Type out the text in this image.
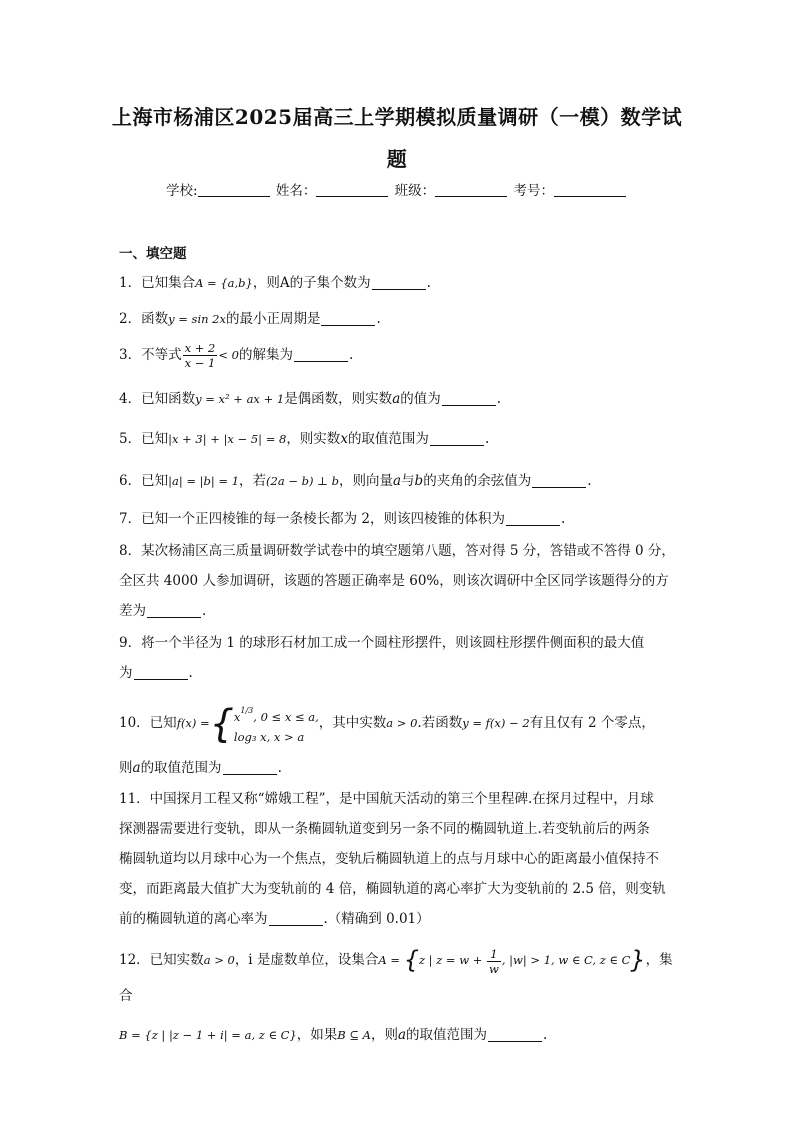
上海市杨浦区2025届高三上学期模拟质量调研（一模）数学试题
学校:	姓名：	班级：	考号：
一、填空题
1．已知集合A = {a,b}，则A的子集个数为	.
2．函数y = sin 2x的最小正周期是	.
3．不等式 $\frac{x + 2}{x - 1} < 0$的解集为	.
4．已知函数y = x² + ax + 1是偶函数，则实数a的值为	.
5．已知|x + 3| + |x − 5| = 8，则实数x的取值范围为	.
6．已知|a| = |b| = 1，若(2a − b) ⊥ b，则向量a与b的夹角的余弦值为	.
7．已知一个正四棱锥的每一条棱长都为 2，则该四棱锥的体积为	.
8．某次杨浦区高三质量调研数学试卷中的填空题第八题，答对得 5 分，答错或不答得 0 分，
全区共 4000 人参加调研，该题的答题正确率是 60%，则该次调研中全区同学该题得分的方
差为	.
9．将一个半径为 1 的球形石材加工成一个圆柱形摆件，则该圆柱形摆件侧面积的最大值
为	.
10．已知f(x) ={ $x^{1/3}$, 0 ≤ x ≤ a,
log₃ x, x > a
，其中实数a > 0.若函数y = f(x) − 2有且仅有 2 个零点，
则a的取值范围为	.
11．中国探月工程又称“嫦娥工程”，是中国航天活动的第三个里程碑.在探月过程中，月球
探测器需要进行变轨，即从一条椭圆轨道变到另一条不同的椭圆轨道上.若变轨前后的两条
椭圆轨道均以月球中心为一个焦点，变轨后椭圆轨道上的点与月球中心的距离最小值保持不
变，而距离最大值扩大为变轨前的 4 倍，椭圆轨道的离心率扩大为变轨前的 2.5 倍，则变轨
前的椭圆轨道的离心率为	.（精确到 0.01）
12．已知实数a > 0，i 是虚数单位，设集合A = {z | $z = w + \frac{1}{w}$ , |w| > 1, w ∈ C, z ∈ C}，集合
B = {z | |z − 1 + i| = a, z ∈ C}，如果B ⊆ A，则a的取值范围为	.
